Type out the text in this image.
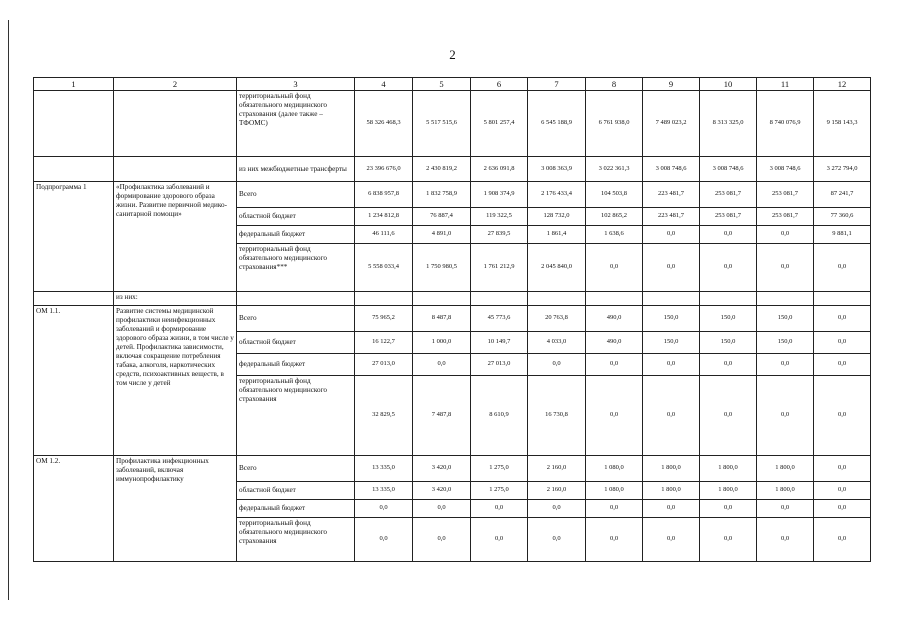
2
1	2	3	4	5	6	7	8	9	10	11	12
		территориальный фонд обязательного медицинского страхования (далее также – ТФОМС)	58 326 468,3	5 517 515,6	5 801 257,4	6 545 188,9	6 761 938,0	7 489 023,2	8 313 325,0	8 740 076,9	9 158 143,3
		из них межбюджетные трансферты	23 396 676,0	2 430 819,2	2 636 091,8	3 008 363,9	3 022 361,3	3 008 748,6	3 008 748,6	3 008 748,6	3 272 794,0
Подпрограмма 1	«Профилактика заболеваний и формирование здорового образа жизни. Развитие первичной медико-санитарной помощи»	Всего	6 838 957,8	1 832 758,9	1 908 374,9	2 176 433,4	104 503,8	223 481,7	253 081,7	253 081,7	87 241,7
		областной бюджет	1 234 812,8	76 887,4	119 322,5	128 732,0	102 865,2	223 481,7	253 081,7	253 081,7	77 360,6
		федеральный бюджет	46 111,6	4 891,0	27 839,5	1 861,4	1 638,6	0,0	0,0	0,0	9 881,1
		территориальный фонд обязательного медицинского страхования***	5 558 033,4	1 750 980,5	1 761 212,9	2 045 840,0	0,0	0,0	0,0	0,0	0,0
	из них:										
ОМ 1.1.	Развитие системы медицинской профилактики неинфекционных заболеваний и формирование здорового образа жизни, в том числе у детей. Профилактика зависимости, включая сокращение потребления табака, алкоголя, наркотических средств, психоактивных веществ, в том числе у детей	Всего	75 965,2	8 487,8	45 773,6	20 763,8	490,0	150,0	150,0	150,0	0,0
		областной бюджет	16 122,7	1 000,0	10 149,7	4 033,0	490,0	150,0	150,0	150,0	0,0
		федеральный бюджет	27 013,0	0,0	27 013,0	0,0	0,0	0,0	0,0	0,0	0,0
		территориальный фонд обязательного медицинского страхования	32 829,5	7 487,8	8 610,9	16 730,8	0,0	0,0	0,0	0,0	0,0
ОМ 1.2.	Профилактика инфекционных заболеваний, включая иммунопрофилактику	Всего	13 335,0	3 420,0	1 275,0	2 160,0	1 080,0	1 800,0	1 800,0	1 800,0	0,0
		областной бюджет	13 335,0	3 420,0	1 275,0	2 160,0	1 080,0	1 800,0	1 800,0	1 800,0	0,0
		федеральный бюджет	0,0	0,0	0,0	0,0	0,0	0,0	0,0	0,0	0,0
		территориальный фонд обязательного медицинского страхования	0,0	0,0	0,0	0,0	0,0	0,0	0,0	0,0	0,0
